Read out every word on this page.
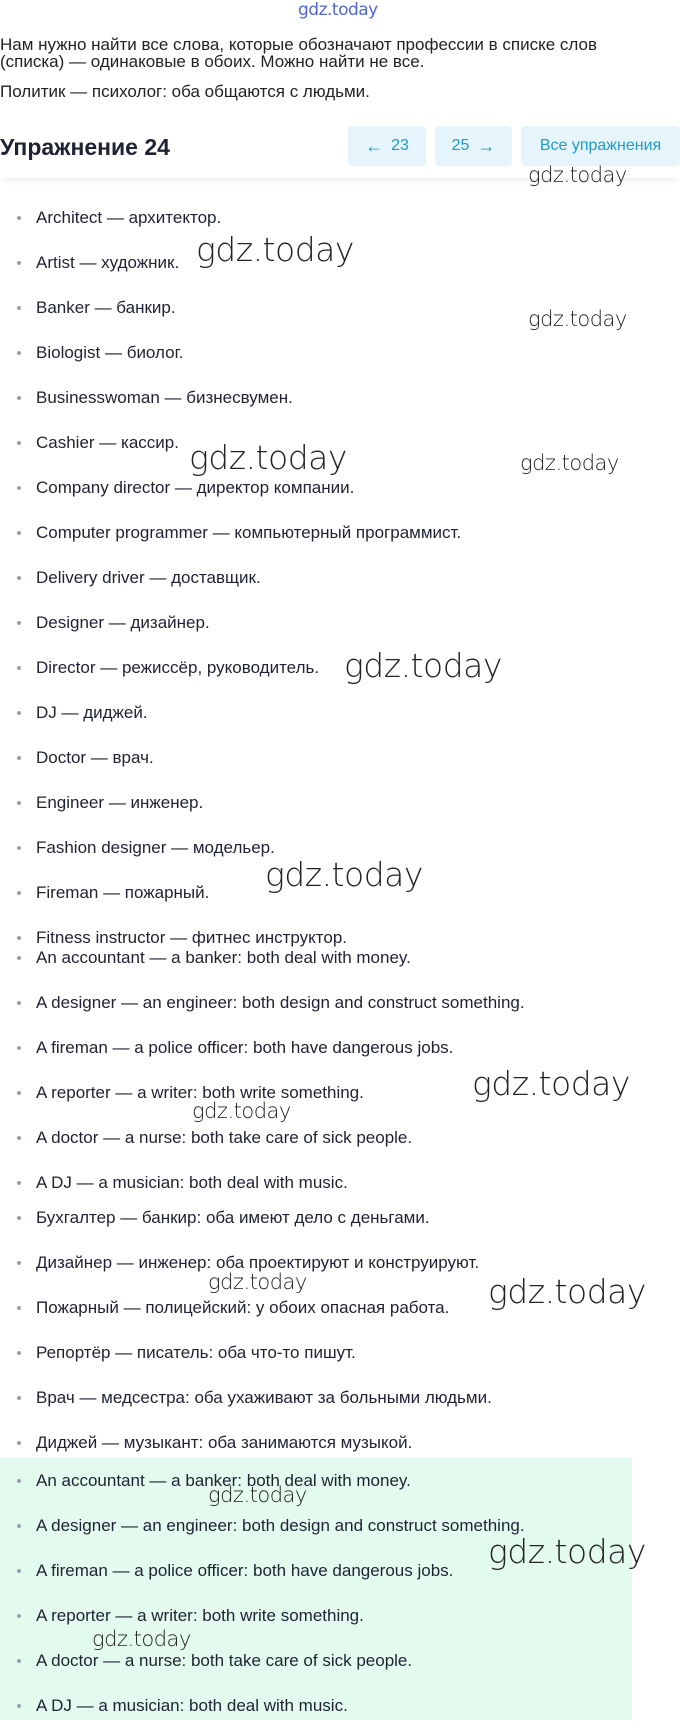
gdz.today
Нам нужно найти все слова, которые обозначают профессии в списке слов
(списка) — одинаковые в обоих. Можно найти не все.
Политик — психолог: оба общаются с людьми.
Упражнение 24	← 23	25 →	Все упражнения
Architect — архитектор.
Artist — художник.
Banker — банкир.
Biologist — биолог.
Businesswoman — бизнесвумен.
Cashier — кассир.
Company director — директор компании.
Computer programmer — компьютерный программист.
Delivery driver — доставщик.
Designer — дизайнер.
Director — режиссёр, руководитель.
DJ — диджей.
Doctor — врач.
Engineer — инженер.
Fashion designer — модельер.
Fireman — пожарный.
Fitness instructor — фитнес инструктор.
An accountant — a banker: both deal with money.
A designer — an engineer: both design and construct something.
A fireman — a police officer: both have dangerous jobs.
A reporter — a writer: both write something.
A doctor — a nurse: both take care of sick people.
A DJ — a musician: both deal with music.
Бухгалтер — банкир: оба имеют дело с деньгами.
Дизайнер — инженер: оба проектируют и конструируют.
Пожарный — полицейский: у обоих опасная работа.
Репортёр — писатель: оба что-то пишут.
Врач — медсестра: оба ухаживают за больными людьми.
Диджей — музыкант: оба занимаются музыкой.
An accountant — a banker: both deal with money.
A designer — an engineer: both design and construct something.
A fireman — a police officer: both have dangerous jobs.
A reporter — a writer: both write something.
A doctor — a nurse: both take care of sick people.
A DJ — a musician: both deal with music.
gdz.today
gdz.today
gdz.today
gdz.today	gdz.today
gdz.today
gdz.today
gdz.today
gdz.today
gdz.today	gdz.today
gdz.today
gdz.today
gdz.today
